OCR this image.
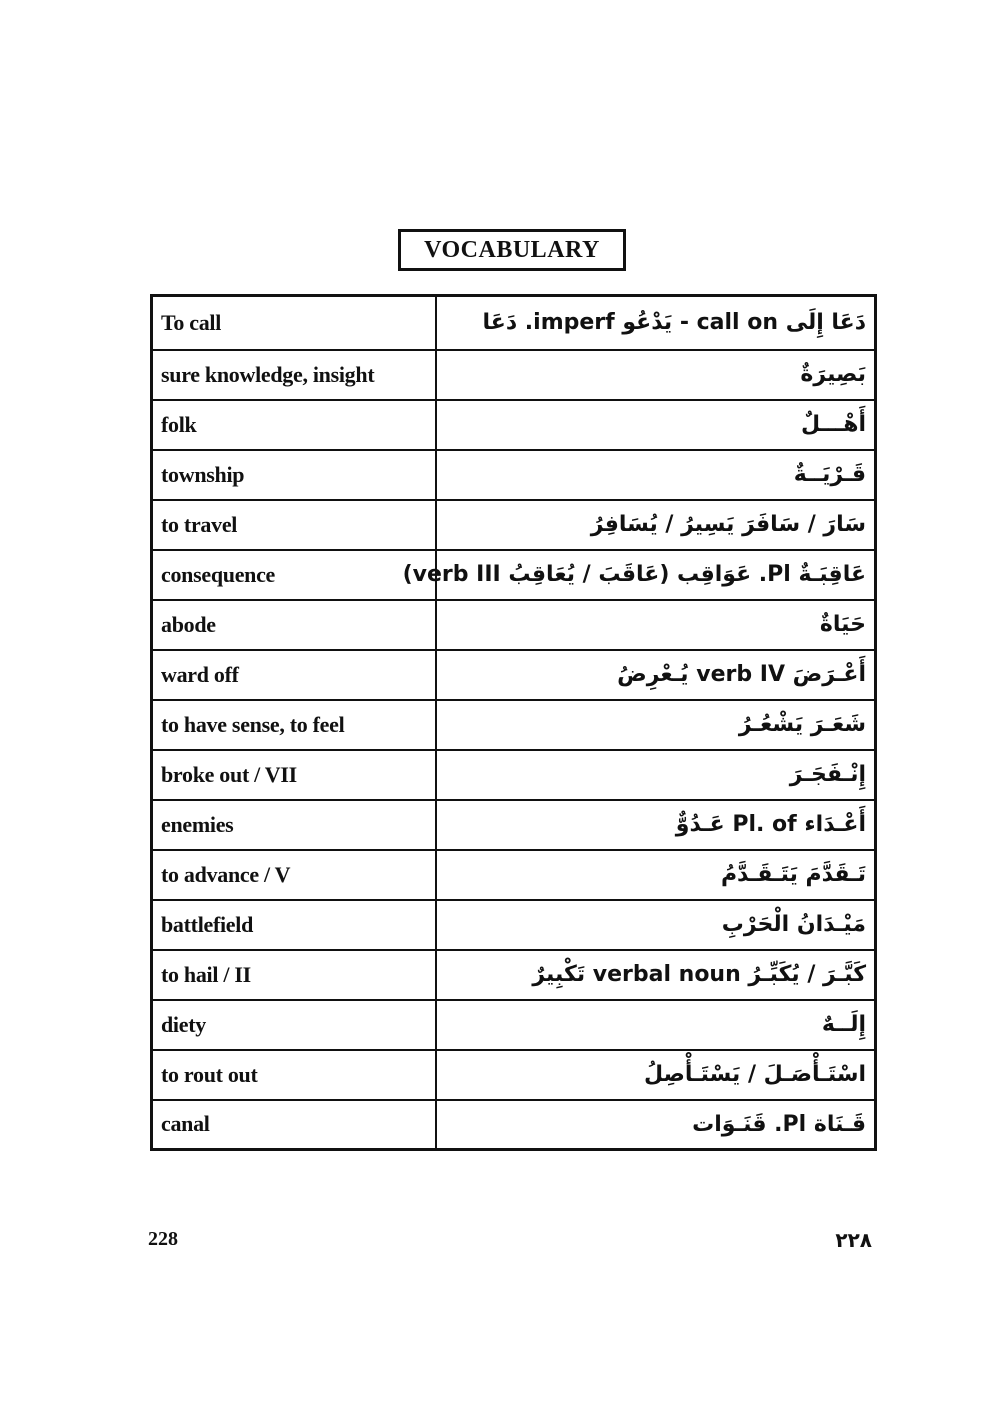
VOCABULARY
To call	دَعَا إِلَى call on - يَدْعُو imperf. دَعَا
sure knowledge, insight	بَصِيرَةٌ
folk	أَهْـــلٌ
township	قَـرْيَــةٌ
to travel	سَارَ / سَافَرَ يَسِيرُ / يُسَافِرُ
consequence	عَاقِبَـةٌ Pl. عَوَاقِب (عَاقَبَ / يُعَاقِبُ verb III)
abode	حَيَاةٌ
ward off	أَعْـرَضَ verb IV يُـعْرِضُ
to have sense, to feel	شَعَـرَ يَشْعُـرُ
broke out / VII	إِنْـفَجَـرَ
enemies	أَعْـدَاء Pl. of عَـدُوٌّ
to advance / V	تَـقَدَّمَ يَتَـقَـدَّمُ
battlefield	مَيْـدَانُ الْحَرْبِ
to hail / II	كَبَّـرَ / يُكَبِّـرُ verbal noun تَكْبِيرٌ
diety	إِلَــهٌ
to rout out	اسْتَـأْصَـلَ / يَسْتَـأْصِلُ
canal	قَـنَاة Pl. قَنَـوَات
228	٢٢٨
